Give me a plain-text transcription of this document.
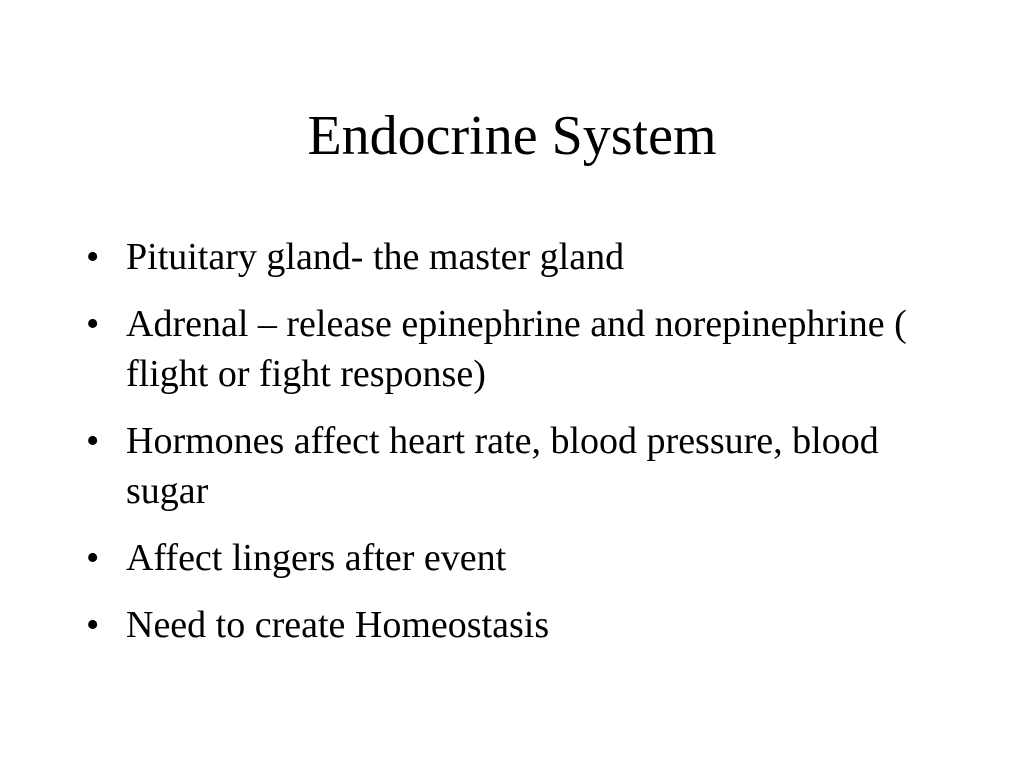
Endocrine System
• Pituitary gland- the master gland
• Adrenal – release epinephrine and norepinephrine ( flight or fight response)
• Hormones affect heart rate, blood pressure, blood sugar
• Affect lingers after event
• Need to create Homeostasis
